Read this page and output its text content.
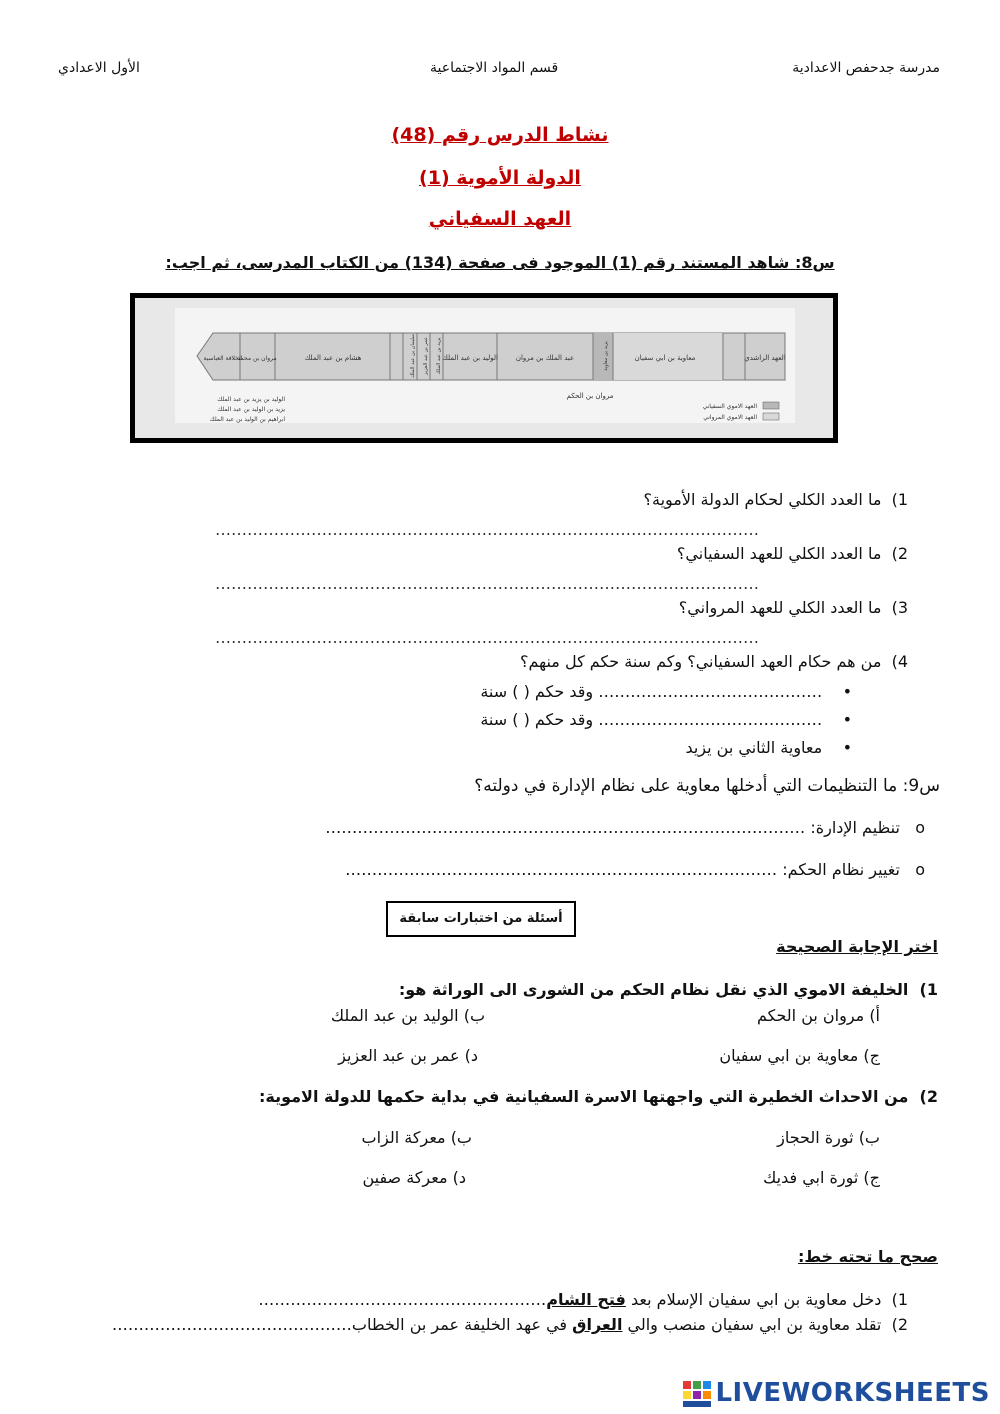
مدرسة جدحفص الاعدادية
قسم المواد الاجتماعية
الأول الاعدادي
نشاط الدرس رقم (48)
الدولة الأموية (1)
العهد السفياني
س8: شاهد المستند رقم (1) الموجود فى صفحة (134) من الكتاب المدرسى، ثم اجب:
العهد الراشدي
معاوية بن ابي سفيان
عبد الملك بن مروان
الوليد بن عبد الملك
هشام بن عبد الملك
مروان بن محمد
الخلافة العباسية	يزيد بن معاوية
سليمان بن عبد الملك عمر بن عبد العزيز يزيد بن عبد الملك
مروان بن الحكم
العهد الاموي السفياني
العهد الاموي المرواني
الوليد بن يزيد بن عبد الملك
يزيد بن الوليد بن عبد الملك
ابراهيم بن الوليد بن عبد الملك
1)  ما العدد الكلي لحكام الدولة الأموية؟
…………………………………………………………………………………………
2)  ما العدد الكلي للعهد السفياني؟
…………………………………………………………………………………………
3)  ما العدد الكلي للعهد المرواني؟
…………………………………………………………………………………………
4)  من هم حكام العهد السفياني؟ وكم سنة حكم كل منهم؟
•    …………………………………… وقد حكم ( ) سنة
•    …………………………………… وقد حكم ( ) سنة
•    معاوية الثاني بن يزيد
س9: ما التنظيمات التي أدخلها معاوية على نظام الإدارة في دولته؟
o   تنظيم الإدارة: ………………………………………………………………………………
o   تغيير نظام الحكم: ………………………………………………………………………
أسئلة من اختبارات سابقة
اختر الإجابة الصحيحة
1)  الخليفة الاموي الذي نقل نظام الحكم من الشورى الى الوراثة هو:
أ) مروان بن الحكم
ب) الوليد بن عبد الملك
ج) معاوية بن ابي سفيان
د) عمر بن عبد العزيز
2)  من الاحداث الخطيرة التي واجهتها الاسرة السفيانية في بداية حكمها للدولة الاموية:
ب) ثورة الحجاز
ب) معركة الزاب
ج) ثورة ابي فديك
د) معركة صفين
صحح ما تحته خط:
1)  دخل معاوية بن ابي سفيان الإسلام بعد فتح الشام………………………………………………
2)  تقلد معاوية بن ابي سفيان منصب والي العراق في عهد الخليفة عمر بن الخطاب………………………………………
LIVEWORKSHEETS
